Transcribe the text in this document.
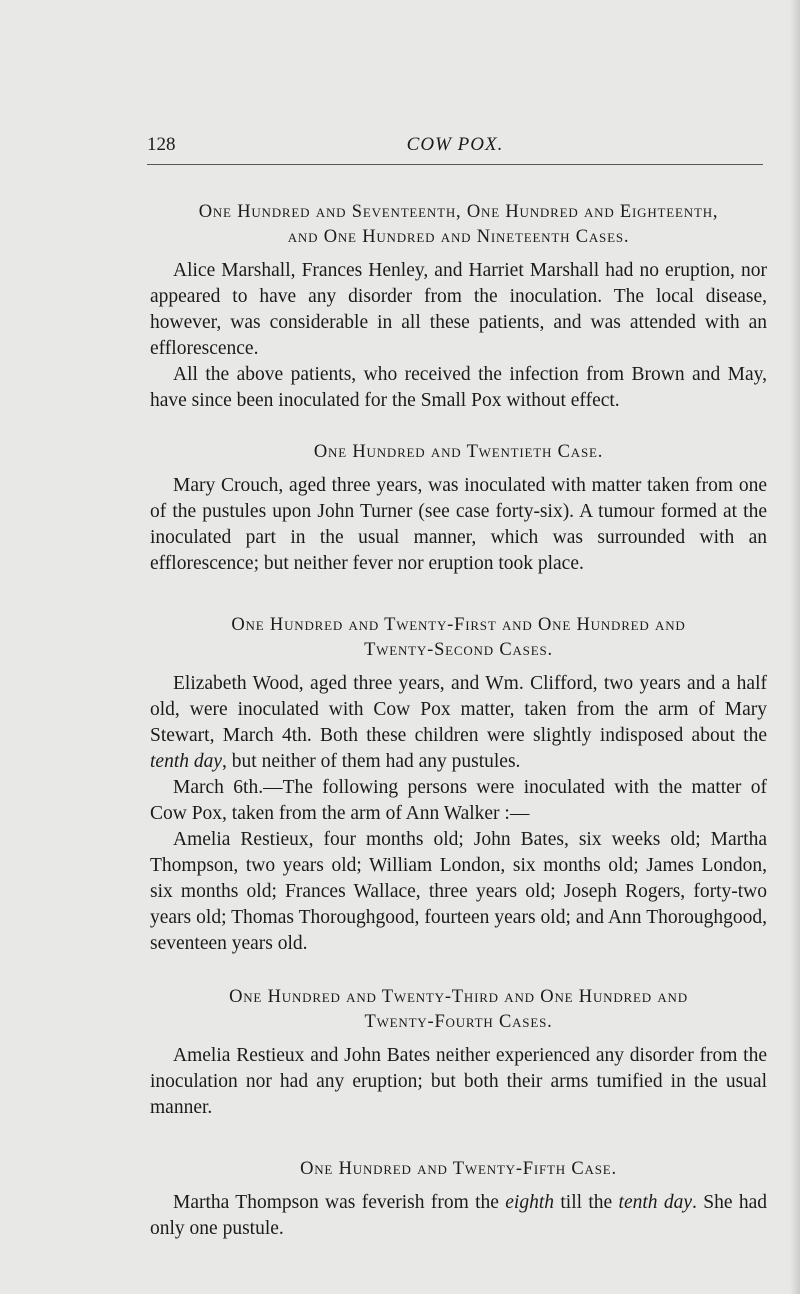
128	COW POX.
One Hundred and Seventeenth, One Hundred and Eighteenth,
and One Hundred and Nineteenth Cases.

Alice Marshall, Frances Henley, and Harriet Marshall had no eruption, nor appeared to have any disorder from the inoculation. The local disease, however, was considerable in all these patients, and was attended with an efflorescence.

All the above patients, who received the infection from Brown and May, have since been inoculated for the Small Pox without effect.

One Hundred and Twentieth Case.

Mary Crouch, aged three years, was inoculated with matter taken from one of the pustules upon John Turner (see case forty-six). A tumour formed at the inoculated part in the usual manner, which was surrounded with an efflorescence; but neither fever nor eruption took place.

One Hundred and Twenty-First and One Hundred and
Twenty-Second Cases.

Elizabeth Wood, aged three years, and Wm. Clifford, two years and a half old, were inoculated with Cow Pox matter, taken from the arm of Mary Stewart, March 4th. Both these children were slightly indisposed about the tenth day, but neither of them had any pustules.

March 6th.—The following persons were inoculated with the matter of Cow Pox, taken from the arm of Ann Walker :—

Amelia Restieux, four months old; John Bates, six weeks old; Martha Thompson, two years old; William London, six months old; James London, six months old; Frances Wallace, three years old; Joseph Rogers, forty-two years old; Thomas Thoroughgood, fourteen years old; and Ann Thoroughgood, seventeen years old.

One Hundred and Twenty-Third and One Hundred and
Twenty-Fourth Cases.

Amelia Restieux and John Bates neither experienced any disorder from the inoculation nor had any eruption; but both their arms tumified in the usual manner.

One Hundred and Twenty-Fifth Case.

Martha Thompson was feverish from the eighth till the tenth day. She had only one pustule.
